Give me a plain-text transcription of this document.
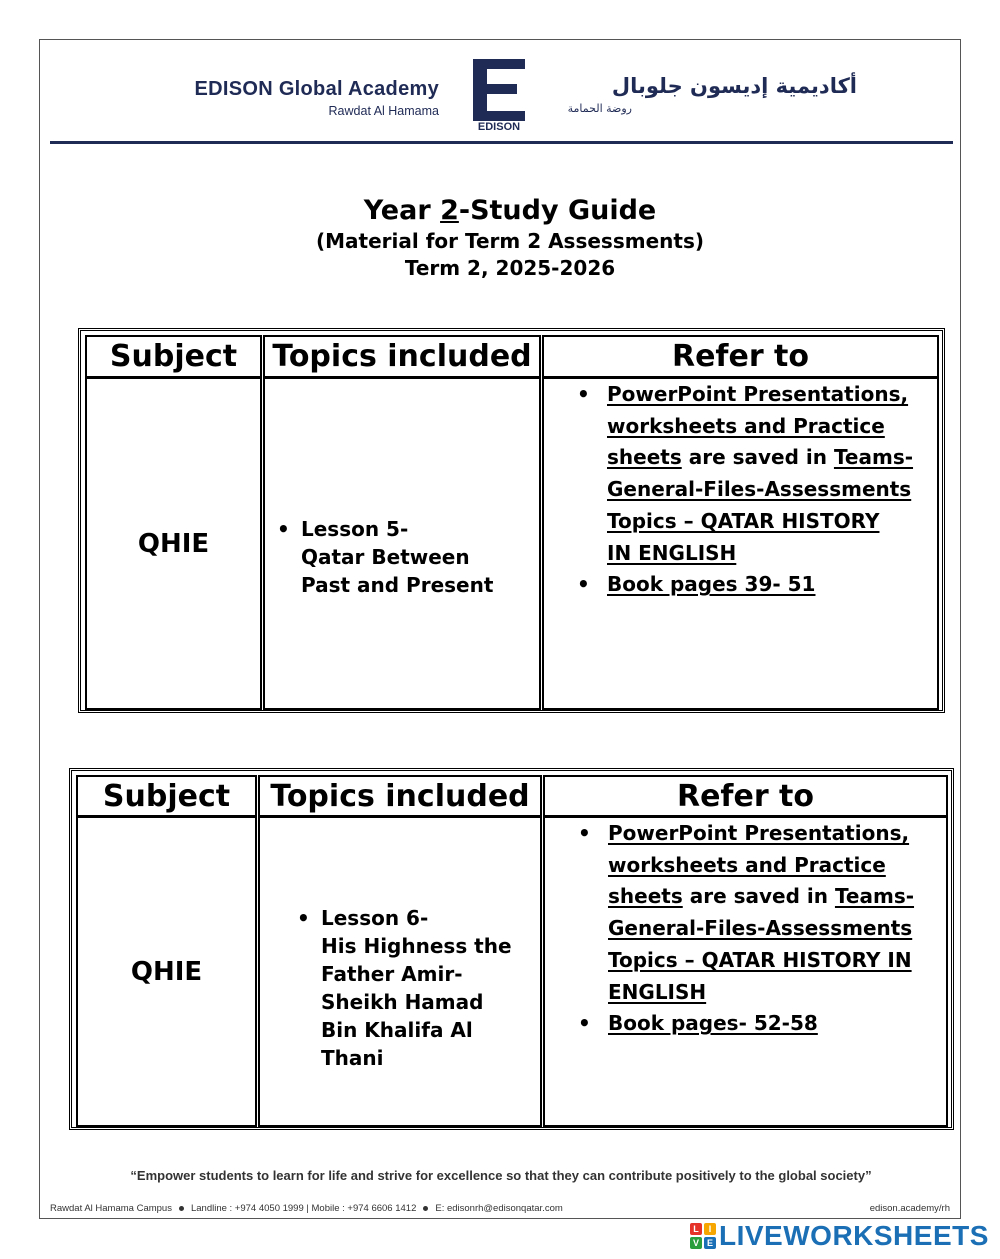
EDISON Global Academy
Rawdat Al Hamama
EDISON
أكاديمية إديسون جلوبال
روضة الحمامة
Year 2-Study Guide
(Material for Term 2 Assessments)
Term 2, 2025-2026
Subject	Topics included	Refer to
QHIE
•	Lesson 5-
Qatar Between
Past and Present
• PowerPoint Presentations,
worksheets and Practice
sheets are saved in Teams-
General-Files-Assessments
Topics – QATAR HISTORY
IN ENGLISH
• Book pages 39- 51
Subject	Topics included	Refer to
QHIE
• Lesson 6-
His Highness the
Father Amir-
Sheikh Hamad
Bin Khalifa Al
Thani
• PowerPoint Presentations,
worksheets and Practice
sheets are saved in Teams-
General-Files-Assessments
Topics – QATAR HISTORY IN
ENGLISH
• Book pages- 52-58
“Empower students to learn for life and strive for excellence so that they can contribute positively to the global society”
Rawdat Al Hamama Campus Landline : +974 4050 1999 | Mobile : +974 6606 1412 E: edisonrh@edisonqatar.com	edison.academy/rh
L	I
V E LIVEWORKSHEETS
